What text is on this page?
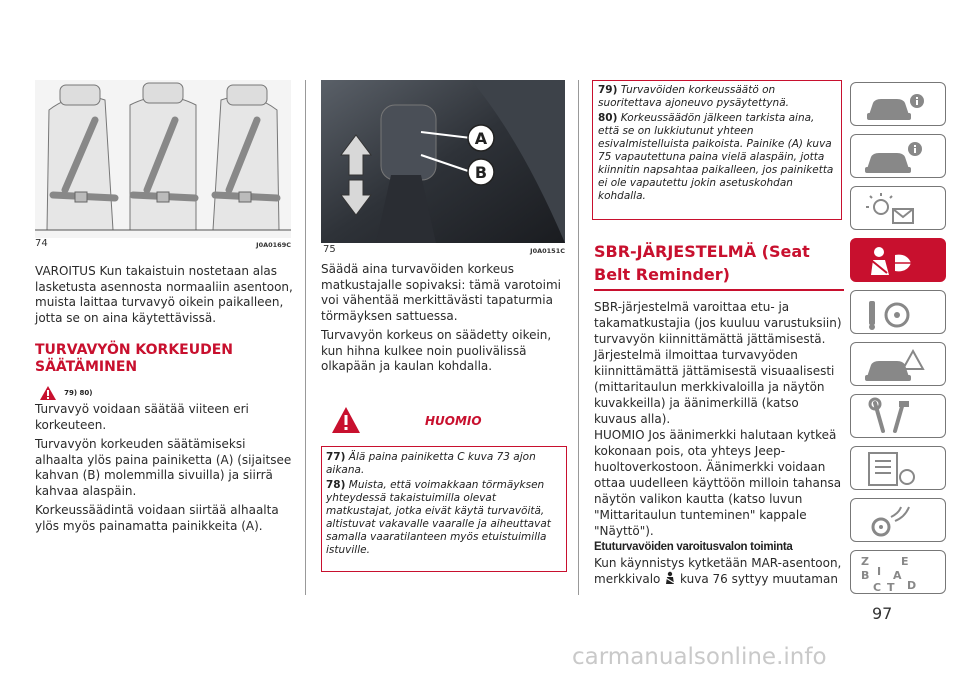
74	J0A0169C

VAROITUS Kun takaistuin nostetaan alas lasketusta asennosta normaaliin asentoon, muista laittaa turvavyö oikein paikalleen, jotta se on aina käytettävissä.

TURVAVYÖN KORKEUDEN SÄÄTÄMINEN
79) 80)

Turvavyö voidaan säätää viiteen eri korkeuteen.

Turvavyön korkeuden säätämiseksi alhaalta ylös paina painiketta (A) (sijaitsee kahvan (B) molemmilla sivuilla) ja siirrä kahvaa alaspäin.

Korkeussäädintä voidaan siirtää alhaalta ylös myös painamatta painikkeita (A).

A
B
75	J0A0151C

Säädä aina turvavöiden korkeus matkustajalle sopivaksi: tämä varotoimi voi vähentää merkittävästi tapaturmia törmäyksen sattuessa.

Turvavyön korkeus on säädetty oikein, kun hihna kulkee noin puolivälissä olkapään ja kaulan kohdalla.

HUOMIO
77) Älä paina painiketta C kuva 73 ajon aikana.
78) Muista, että voimakkaan törmäyksen yhteydessä takaistuimilla olevat matkustajat, jotka eivät käytä turvavöitä, altistuvat vakavalle vaaralle ja aiheuttavat samalla vaaratilanteen myös etuistuimilla istuville.
79) Turvavöiden korkeussäätö on suoritettava ajoneuvo pysäytettynä.
80) Korkeussäädön jälkeen tarkista aina, että se on lukkiutunut yhteen esivalmistelluista paikoista. Painike (A) kuva 75 vapautettuna paina vielä alaspäin, jotta kiinnitin napsahtaa paikalleen, jos painiketta ei ole vapautettu jokin asetuskohdan kohdalla.
SBR-JÄRJESTELMÄ (Seat Belt Reminder)

SBR-järjestelmä varoittaa etu- ja takamatkustajia (jos kuuluu varustuksiin) turvavyön kiinnittämättä jättämisestä.

Järjestelmä ilmoittaa turvavyöden kiinnittämättä jättämisestä visuaalisesti (mittaritaulun merkkivaloilla ja näytön kuvakkeilla) ja äänimerkillä (katso kuvaus alla).

HUOMIO Jos äänimerkki halutaan kytkeä kokonaan pois, ota yhteys Jeep-huoltoverkostoon. Äänimerkki voidaan ottaa uudelleen käyttöön milloin tahansa näytön valikon kautta (katso luvun "Mittaritaulun tunteminen" kappale "Näyttö").

Etuturvavöiden varoitusvalon toiminta

Kun käynnistys kytketään MAR-asentoon, merkkivalo kuva 76 syttyy muutaman

Z
B
C
A
D
E
I
T
97
carmanualsonline.info
